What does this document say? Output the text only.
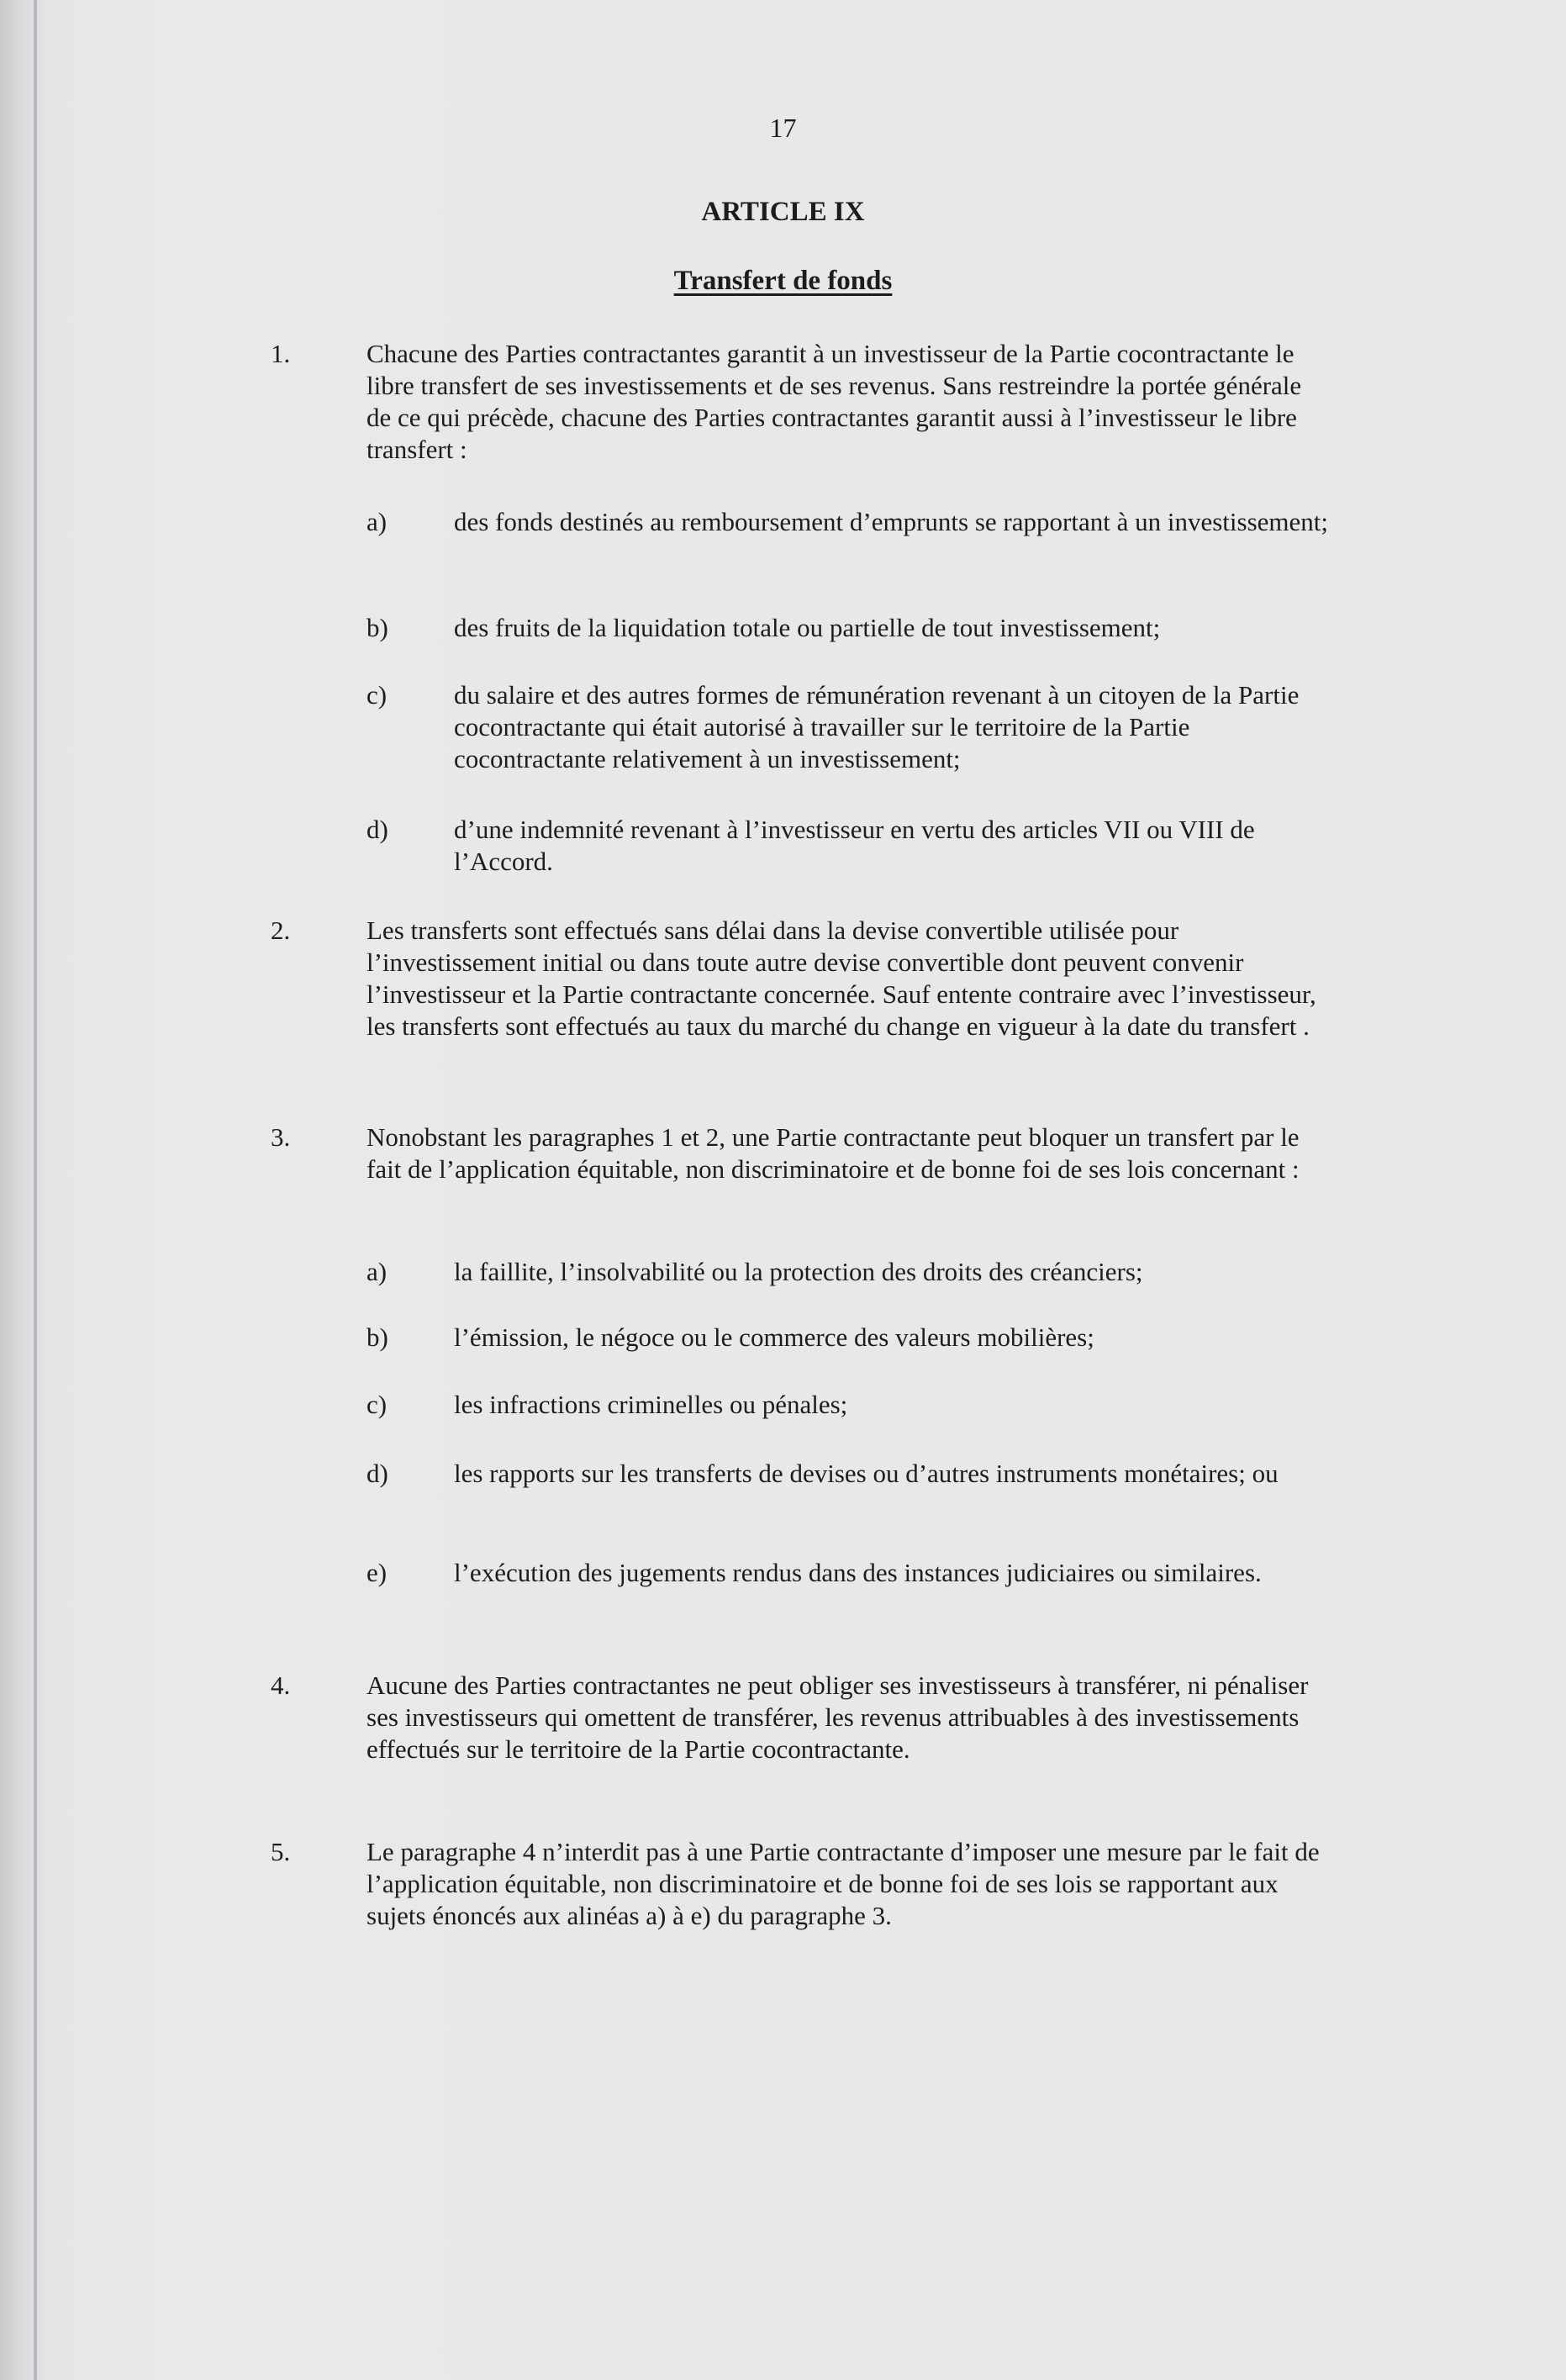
17
ARTICLE IX
Transfert de fonds
1.	Chacune des Parties contractantes garantit à un investisseur de la Partie cocontractante le libre transfert de ses investissements et de ses revenus. Sans restreindre la portée générale de ce qui précède, chacune des Parties contractantes garantit aussi à l’investisseur le libre transfert :

a)	des fonds destinés au remboursement d’emprunts se rapportant à un investissement;

b)	des fruits de la liquidation totale ou partielle de tout investissement;

c)	du salaire et des autres formes de rémunération revenant à un citoyen de la Partie cocontractante qui était autorisé à travailler sur le territoire de la Partie cocontractante relativement à un investissement;

d)	d’une indemnité revenant à l’investisseur en vertu des articles VII ou VIII de l’Accord.

2.	Les transferts sont effectués sans délai dans la devise convertible utilisée pour l’investissement initial ou dans toute autre devise convertible dont peuvent convenir l’investisseur et la Partie contractante concernée. Sauf entente contraire avec l’investisseur, les transferts sont effectués au taux du marché du change en vigueur à la date du transfert .

3.	Nonobstant les paragraphes 1 et 2, une Partie contractante peut bloquer un transfert par le fait de l’application équitable, non discriminatoire et de bonne foi de ses lois concernant :

a)	la faillite, l’insolvabilité ou la protection des droits des créanciers;

b)	l’émission, le négoce ou le commerce des valeurs mobilières;

c)	les infractions criminelles ou pénales;

d)	les rapports sur les transferts de devises ou d’autres instruments monétaires; ou

e)	l’exécution des jugements rendus dans des instances judiciaires ou similaires.

4.	Aucune des Parties contractantes ne peut obliger ses investisseurs à transférer, ni pénaliser ses investisseurs qui omettent de transférer, les revenus attribuables à des investissements effectués sur le territoire de la Partie cocontractante.

5.	Le paragraphe 4 n’interdit pas à une Partie contractante d’imposer une mesure par le fait de l’application équitable, non discriminatoire et de bonne foi de ses lois se rapportant aux sujets énoncés aux alinéas a) à e) du paragraphe 3.
